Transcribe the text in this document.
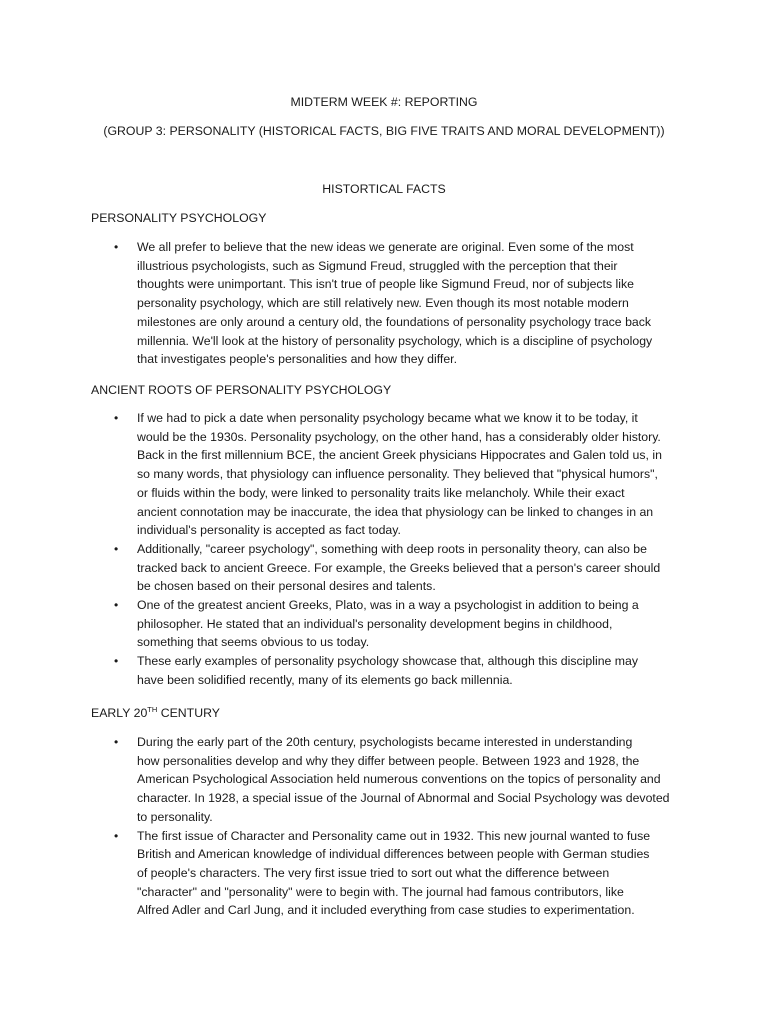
MIDTERM WEEK #: REPORTING
(GROUP 3: PERSONALITY (HISTORICAL FACTS, BIG FIVE TRAITS AND MORAL DEVELOPMENT))
HISTORTICAL FACTS
PERSONALITY PSYCHOLOGY
• We all prefer to believe that the new ideas we generate are original. Even some of the most
illustrious psychologists, such as Sigmund Freud, struggled with the perception that their
thoughts were unimportant. This isn't true of people like Sigmund Freud, nor of subjects like
personality psychology, which are still relatively new. Even though its most notable modern
milestones are only around a century old, the foundations of personality psychology trace back
millennia. We'll look at the history of personality psychology, which is a discipline of psychology
that investigates people's personalities and how they differ.
ANCIENT ROOTS OF PERSONALITY PSYCHOLOGY
• If we had to pick a date when personality psychology became what we know it to be today, it
would be the 1930s. Personality psychology, on the other hand, has a considerably older history.
Back in the first millennium BCE, the ancient Greek physicians Hippocrates and Galen told us, in
so many words, that physiology can influence personality. They believed that "physical humors",
or fluids within the body, were linked to personality traits like melancholy. While their exact
ancient connotation may be inaccurate, the idea that physiology can be linked to changes in an
individual's personality is accepted as fact today.
• Additionally, "career psychology", something with deep roots in personality theory, can also be
tracked back to ancient Greece. For example, the Greeks believed that a person's career should
be chosen based on their personal desires and talents.
• One of the greatest ancient Greeks, Plato, was in a way a psychologist in addition to being a
philosopher. He stated that an individual's personality development begins in childhood,
something that seems obvious to us today.
• These early examples of personality psychology showcase that, although this discipline may
have been solidified recently, many of its elements go back millennia.
EARLY 20TH CENTURY
• During the early part of the 20th century, psychologists became interested in understanding
how personalities develop and why they differ between people. Between 1923 and 1928, the
American Psychological Association held numerous conventions on the topics of personality and
character. In 1928, a special issue of the Journal of Abnormal and Social Psychology was devoted
to personality.
• The first issue of Character and Personality came out in 1932. This new journal wanted to fuse
British and American knowledge of individual differences between people with German studies
of people's characters. The very first issue tried to sort out what the difference between
"character" and "personality" were to begin with. The journal had famous contributors, like
Alfred Adler and Carl Jung, and it included everything from case studies to experimentation.
